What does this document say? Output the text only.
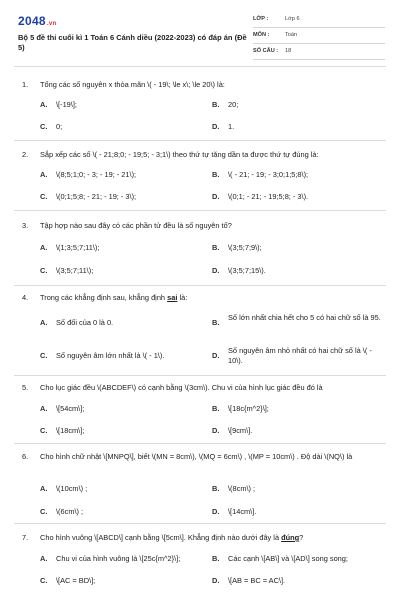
2048.vn
Bộ 5 đề thi cuối kì 1 Toán 6 Cánh diều (2022-2023) có đáp án (Đề 5)
LỚP :	Lớp 6
MÔN :	Toán
SỐ CÂU : 18
1. Tổng các số nguyên x thỏa mãn \( - 19\; \le x\; \le 20\) là:
A. \[-19\];	B. 20;
C. 0;	D. 1.
2. Sắp xếp các số \( - 21;8;0; - 19;5; - 3;1\) theo thứ tự tăng dần ta được thứ tự đúng là:
A. \(8;5;1;0; - 3; - 19; - 21\);	B. \( - 21; - 19; - 3;0;1;5;8\);
C. \(0;1;5;8; - 21; - 19; - 3\);	D. \(0;1; - 21; - 19;5;8; - 3\).
3. Tập hợp nào sau đây có các phần tử đều là số nguyên tố?
A. \(1;3;5;7;11\);	B. \(3;5;7;9\);
C. \(3;5;7;11\);	D. \(3;5;7;15\).
4. Trong các khẳng định sau, khẳng định sai là:
A. Số đối của 0 là 0.	B.
Số lớn nhất chia hết cho 5 có hai chữ số là 95.
C. Số nguyên âm lớn nhất là \( - 1\).	D.
Số nguyên âm nhỏ nhất có hai chữ số là \( - 10\).
5. Cho lục giác đều \(ABCDEF\) có cạnh bằng \(3cm\). Chu vi của hình lục giác đều đó là
A. \[54cm\];	B. \[18c{m^2}\];
C. \[18cm\];	D. \[9cm\].
6. Cho hình chữ nhật \[MNPQ\], biết \(MN = 8cm\), \(MQ = 6cm\) , \(MP = 10cm\) . Độ dài \(NQ\) là
A. \(10cm\) ;	B. \(8cm\) ;
C. \(6cm\) ;	D. \[14cm\].
7. Cho hình vuông \[ABCD\] cạnh bằng \[5cm\]. Khẳng định nào dưới đây là đúng?
A. Chu vi của hình vuông là \[25c{m^2}\];	B. Các cạnh \[AB\] và \[AD\] song song;
C. \[AC = BD\];	D. \[AB = BC = AC\].
